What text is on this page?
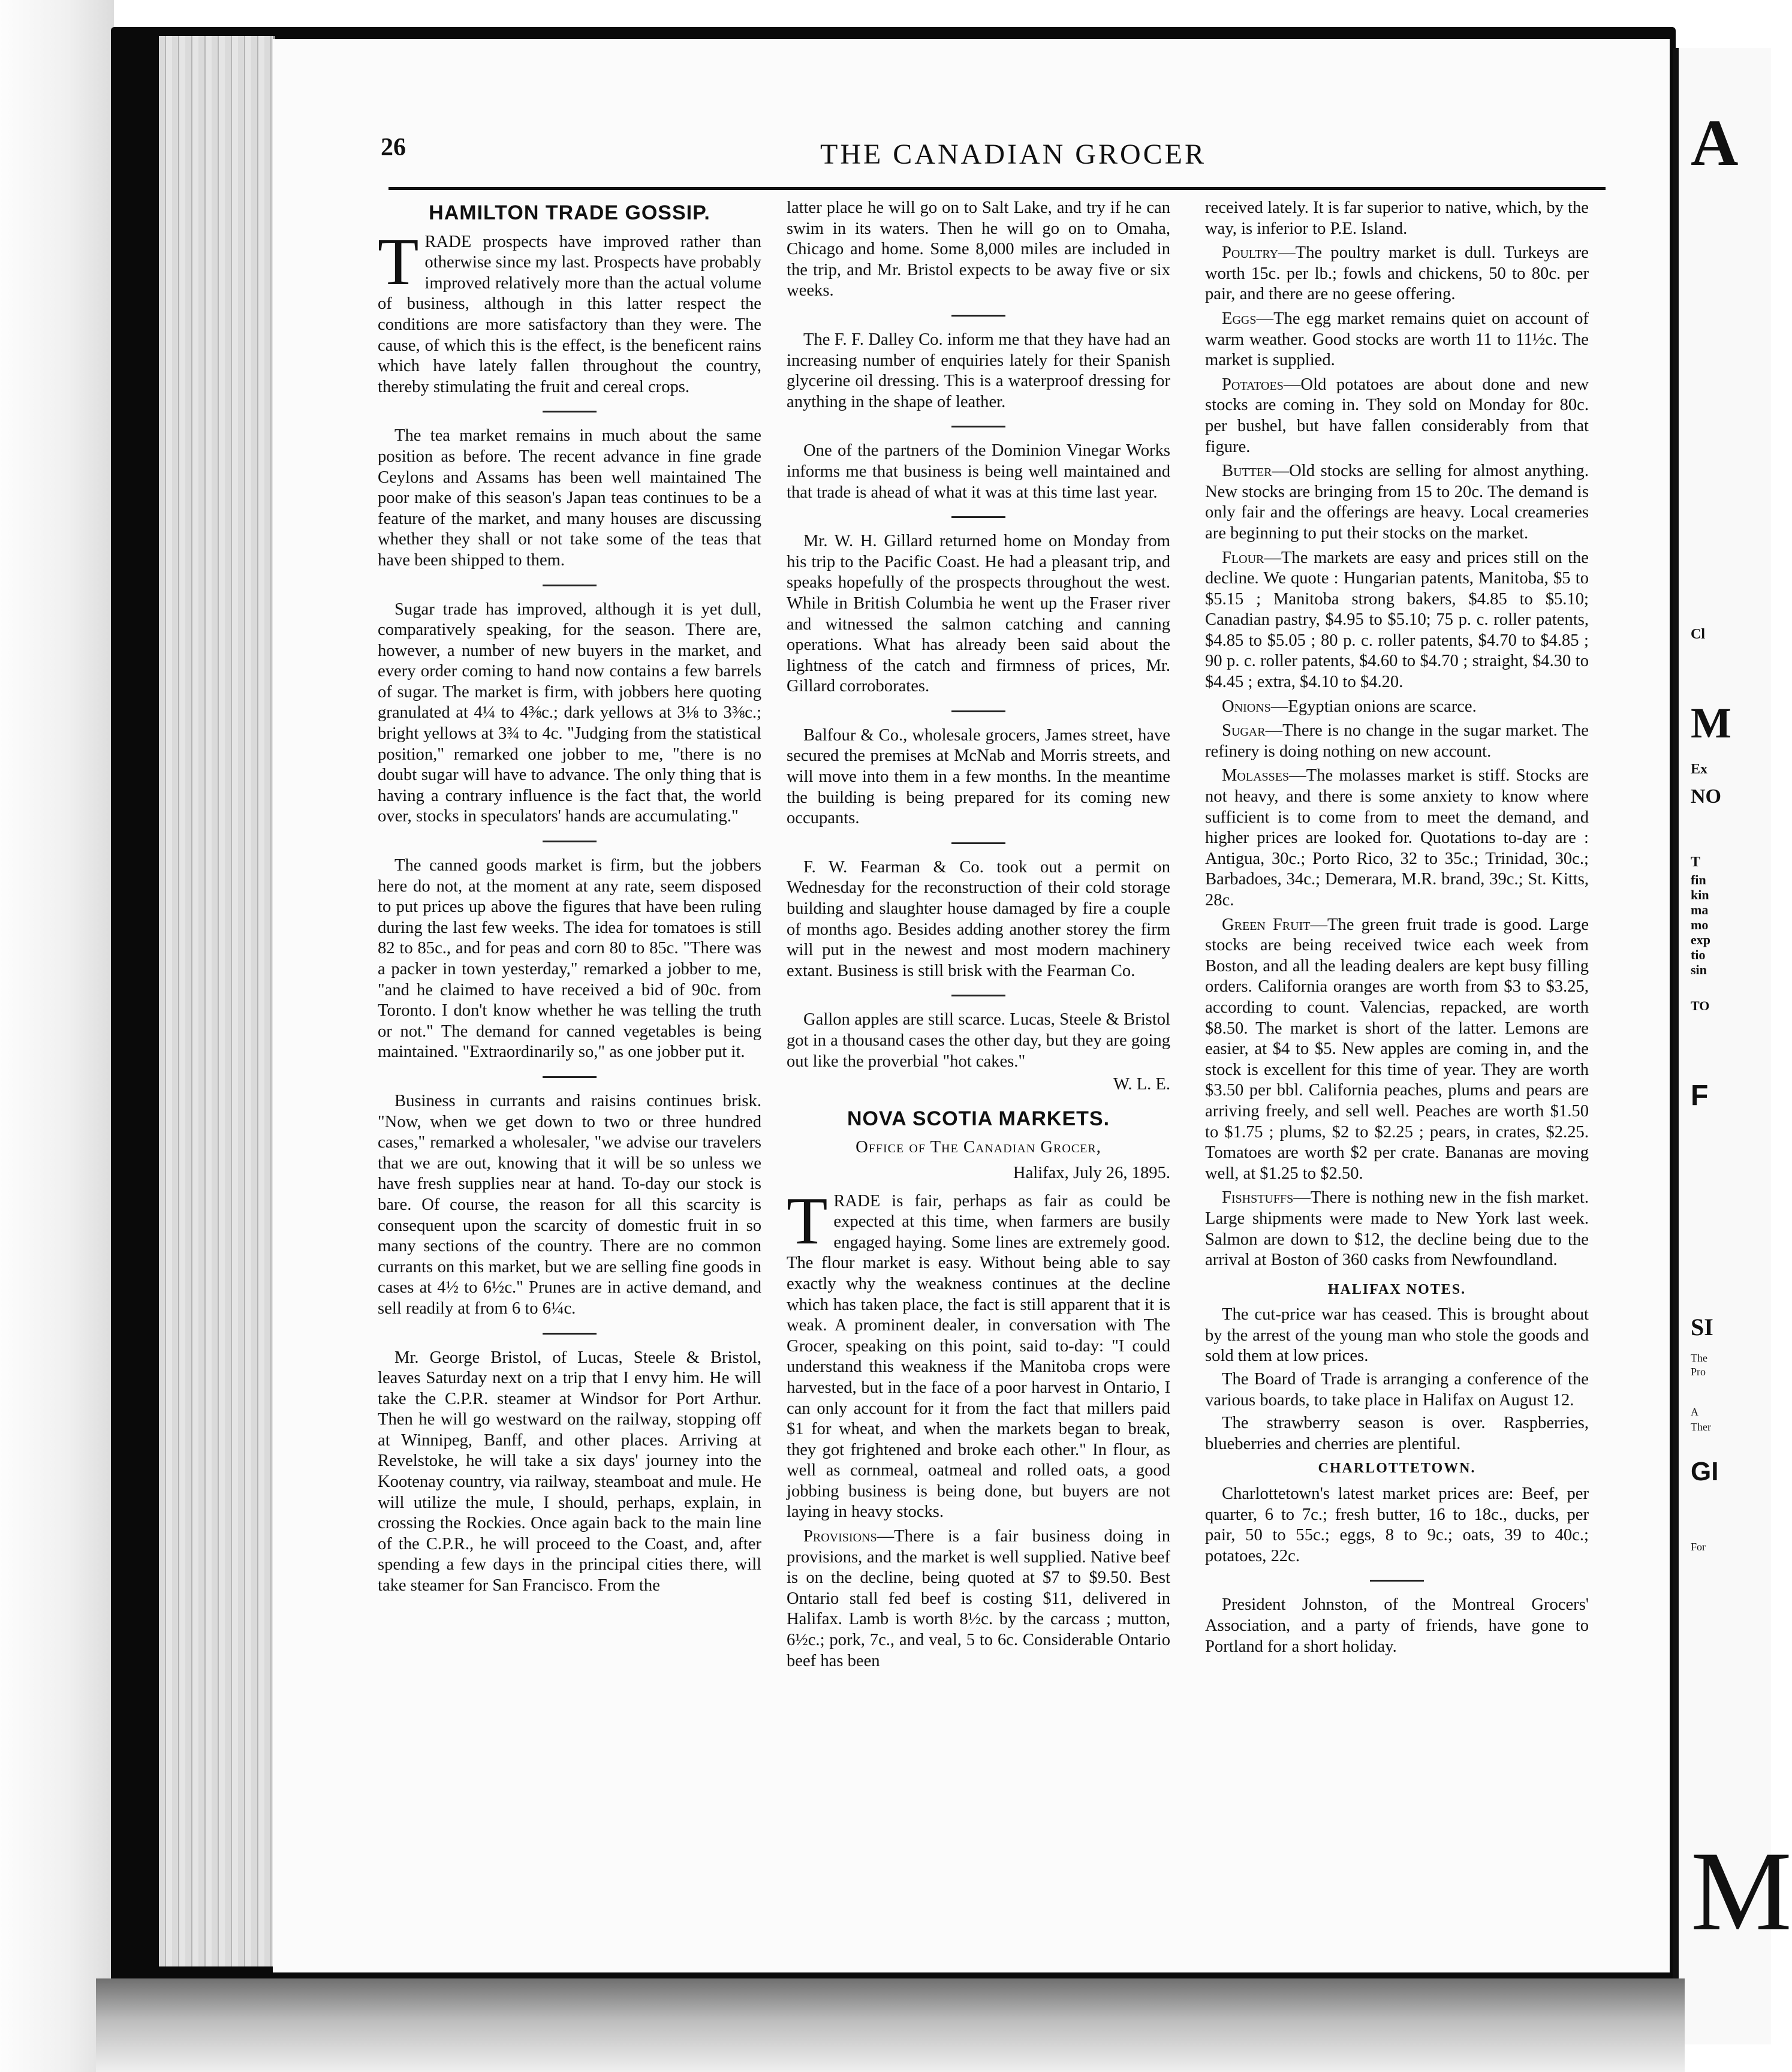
A
Cl
M
Ex
NO
T
fin
kin
ma
mo
exp
tio
sin
TO
F
SI
The
Pro
A
Ther
GI
For
M
26	THE CANADIAN GROCER
HAMILTON TRADE GOSSIP.

TRADE prospects have improved rather than otherwise since my last. Prospects have probably improved relatively more than the actual volume of business, although in this latter respect the conditions are more satisfactory than they were. The cause, of which this is the effect, is the beneficent rains which have lately fallen throughout the country, thereby stimulating the fruit and cereal crops.

The tea market remains in much about the same position as before. The recent advance in fine grade Ceylons and Assams has been well maintained The poor make of this season's Japan teas continues to be a feature of the market, and many houses are discussing whether they shall or not take some of the teas that have been shipped to them.

Sugar trade has improved, although it is yet dull, comparatively speaking, for the season. There are, however, a number of new buyers in the market, and every order coming to hand now contains a few barrels of sugar. The market is firm, with jobbers here quoting granulated at 4¼ to 4⅜c.; dark yellows at 3⅛ to 3⅜c.; bright yellows at 3¾ to 4c. "Judging from the statistical position," remarked one jobber to me, "there is no doubt sugar will have to advance. The only thing that is having a contrary influence is the fact that, the world over, stocks in speculators' hands are accumulating."

The canned goods market is firm, but the jobbers here do not, at the moment at any rate, seem disposed to put prices up above the figures that have been ruling during the last few weeks. The idea for tomatoes is still 82 to 85c., and for peas and corn 80 to 85c. "There was a packer in town yesterday," remarked a jobber to me, "and he claimed to have received a bid of 90c. from Toronto. I don't know whether he was telling the truth or not." The demand for canned vegetables is being maintained. "Extraordinarily so," as one jobber put it.

Business in currants and raisins continues brisk. "Now, when we get down to two or three hundred cases," remarked a wholesaler, "we advise our travelers that we are out, knowing that it will be so unless we have fresh supplies near at hand. To-day our stock is bare. Of course, the reason for all this scarcity is consequent upon the scarcity of domestic fruit in so many sections of the country. There are no common currants on this market, but we are selling fine goods in cases at 4½ to 6½c." Prunes are in active demand, and sell readily at from 6 to 6¼c.

Mr. George Bristol, of Lucas, Steele & Bristol, leaves Saturday next on a trip that I envy him. He will take the C.P.R. steamer at Windsor for Port Arthur. Then he will go westward on the railway, stopping off at Winnipeg, Banff, and other places. Arriving at Revelstoke, he will take a six days' journey into the Kootenay country, via railway, steamboat and mule. He will utilize the mule, I should, perhaps, explain, in crossing the Rockies. Once again back to the main line of the C.P.R., he will proceed to the Coast, and, after spending a few days in the principal cities there, will take steamer for San Francisco. From the

latter place he will go on to Salt Lake, and try if he can swim in its waters. Then he will go on to Omaha, Chicago and home. Some 8,000 miles are included in the trip, and Mr. Bristol expects to be away five or six weeks.

The F. F. Dalley Co. inform me that they have had an increasing number of enquiries lately for their Spanish glycerine oil dressing. This is a waterproof dressing for anything in the shape of leather.

One of the partners of the Dominion Vinegar Works informs me that business is being well maintained and that trade is ahead of what it was at this time last year.

Mr. W. H. Gillard returned home on Monday from his trip to the Pacific Coast. He had a pleasant trip, and speaks hopefully of the prospects throughout the west. While in British Columbia he went up the Fraser river and witnessed the salmon catching and canning operations. What has already been said about the lightness of the catch and firmness of prices, Mr. Gillard corroborates.

Balfour & Co., wholesale grocers, James street, have secured the premises at McNab and Morris streets, and will move into them in a few months. In the meantime the building is being prepared for its coming new occupants.

F. W. Fearman & Co. took out a permit on Wednesday for the reconstruction of their cold storage building and slaughter house damaged by fire a couple of months ago. Besides adding another storey the firm will put in the newest and most modern machinery extant. Business is still brisk with the Fearman Co.

Gallon apples are still scarce. Lucas, Steele & Bristol got in a thousand cases the other day, but they are going out like the proverbial "hot cakes."

W. L. E.
NOVA SCOTIA MARKETS.
Office of The Canadian Grocer,
Halifax, July 26, 1895.

TRADE is fair, perhaps as fair as could be expected at this time, when farmers are busily engaged haying. Some lines are extremely good. The flour market is easy. Without being able to say exactly why the weakness continues at the decline which has taken place, the fact is still apparent that it is weak. A prominent dealer, in conversation with The Grocer, speaking on this point, said to-day: "I could understand this weakness if the Manitoba crops were harvested, but in the face of a poor harvest in Ontario, I can only account for it from the fact that millers paid $1 for wheat, and when the markets began to break, they got frightened and broke each other." In flour, as well as cornmeal, oatmeal and rolled oats, a good jobbing business is being done, but buyers are not laying in heavy stocks.

Provisions—There is a fair business doing in provisions, and the market is well supplied. Native beef is on the decline, being quoted at $7 to $9.50. Best Ontario stall fed beef is costing $11, delivered in Halifax. Lamb is worth 8½c. by the carcass ; mutton, 6½c.; pork, 7c., and veal, 5 to 6c. Considerable Ontario beef has been

received lately. It is far superior to native, which, by the way, is inferior to P.E. Island.

Poultry—The poultry market is dull. Turkeys are worth 15c. per lb.; fowls and chickens, 50 to 80c. per pair, and there are no geese offering.

Eggs—The egg market remains quiet on account of warm weather. Good stocks are worth 11 to 11½c. The market is supplied.

Potatoes—Old potatoes are about done and new stocks are coming in. They sold on Monday for 80c. per bushel, but have fallen considerably from that figure.

Butter—Old stocks are selling for almost anything. New stocks are bringing from 15 to 20c. The demand is only fair and the offerings are heavy. Local creameries are beginning to put their stocks on the market.

Flour—The markets are easy and prices still on the decline. We quote : Hungarian patents, Manitoba, $5 to $5.15 ; Manitoba strong bakers, $4.85 to $5.10; Canadian pastry, $4.95 to $5.10; 75 p. c. roller patents, $4.85 to $5.05 ; 80 p. c. roller patents, $4.70 to $4.85 ; 90 p. c. roller patents, $4.60 to $4.70 ; straight, $4.30 to $4.45 ; extra, $4.10 to $4.20.

Onions—Egyptian onions are scarce.

Sugar—There is no change in the sugar market. The refinery is doing nothing on new account.

Molasses—The molasses market is stiff. Stocks are not heavy, and there is some anxiety to know where sufficient is to come from to meet the demand, and higher prices are looked for. Quotations to-day are : Antigua, 30c.; Porto Rico, 32 to 35c.; Trinidad, 30c.; Barbadoes, 34c.; Demerara, M.R. brand, 39c.; St. Kitts, 28c.

Green Fruit—The green fruit trade is good. Large stocks are being received twice each week from Boston, and all the leading dealers are kept busy filling orders. California oranges are worth from $3 to $3.25, according to count. Valencias, repacked, are worth $8.50. The market is short of the latter. Lemons are easier, at $4 to $5. New apples are coming in, and the stock is excellent for this time of year. They are worth $3.50 per bbl. California peaches, plums and pears are arriving freely, and sell well. Peaches are worth $1.50 to $1.75 ; plums, $2 to $2.25 ; pears, in crates, $2.25. Tomatoes are worth $2 per crate. Bananas are moving well, at $1.25 to $2.50.

Fishstuffs—There is nothing new in the fish market. Large shipments were made to New York last week. Salmon are down to $12, the decline being due to the arrival at Boston of 360 casks from Newfoundland.

HALIFAX NOTES.

The cut-price war has ceased. This is brought about by the arrest of the young man who stole the goods and sold them at low prices.

The Board of Trade is arranging a conference of the various boards, to take place in Halifax on August 12.

The strawberry season is over. Raspberries, blueberries and cherries are plentiful.

CHARLOTTETOWN.

Charlottetown's latest market prices are: Beef, per quarter, 6 to 7c.; fresh butter, 16 to 18c., ducks, per pair, 50 to 55c.; eggs, 8 to 9c.; oats, 39 to 40c.; potatoes, 22c.

President Johnston, of the Montreal Grocers' Association, and a party of friends, have gone to Portland for a short holiday.
